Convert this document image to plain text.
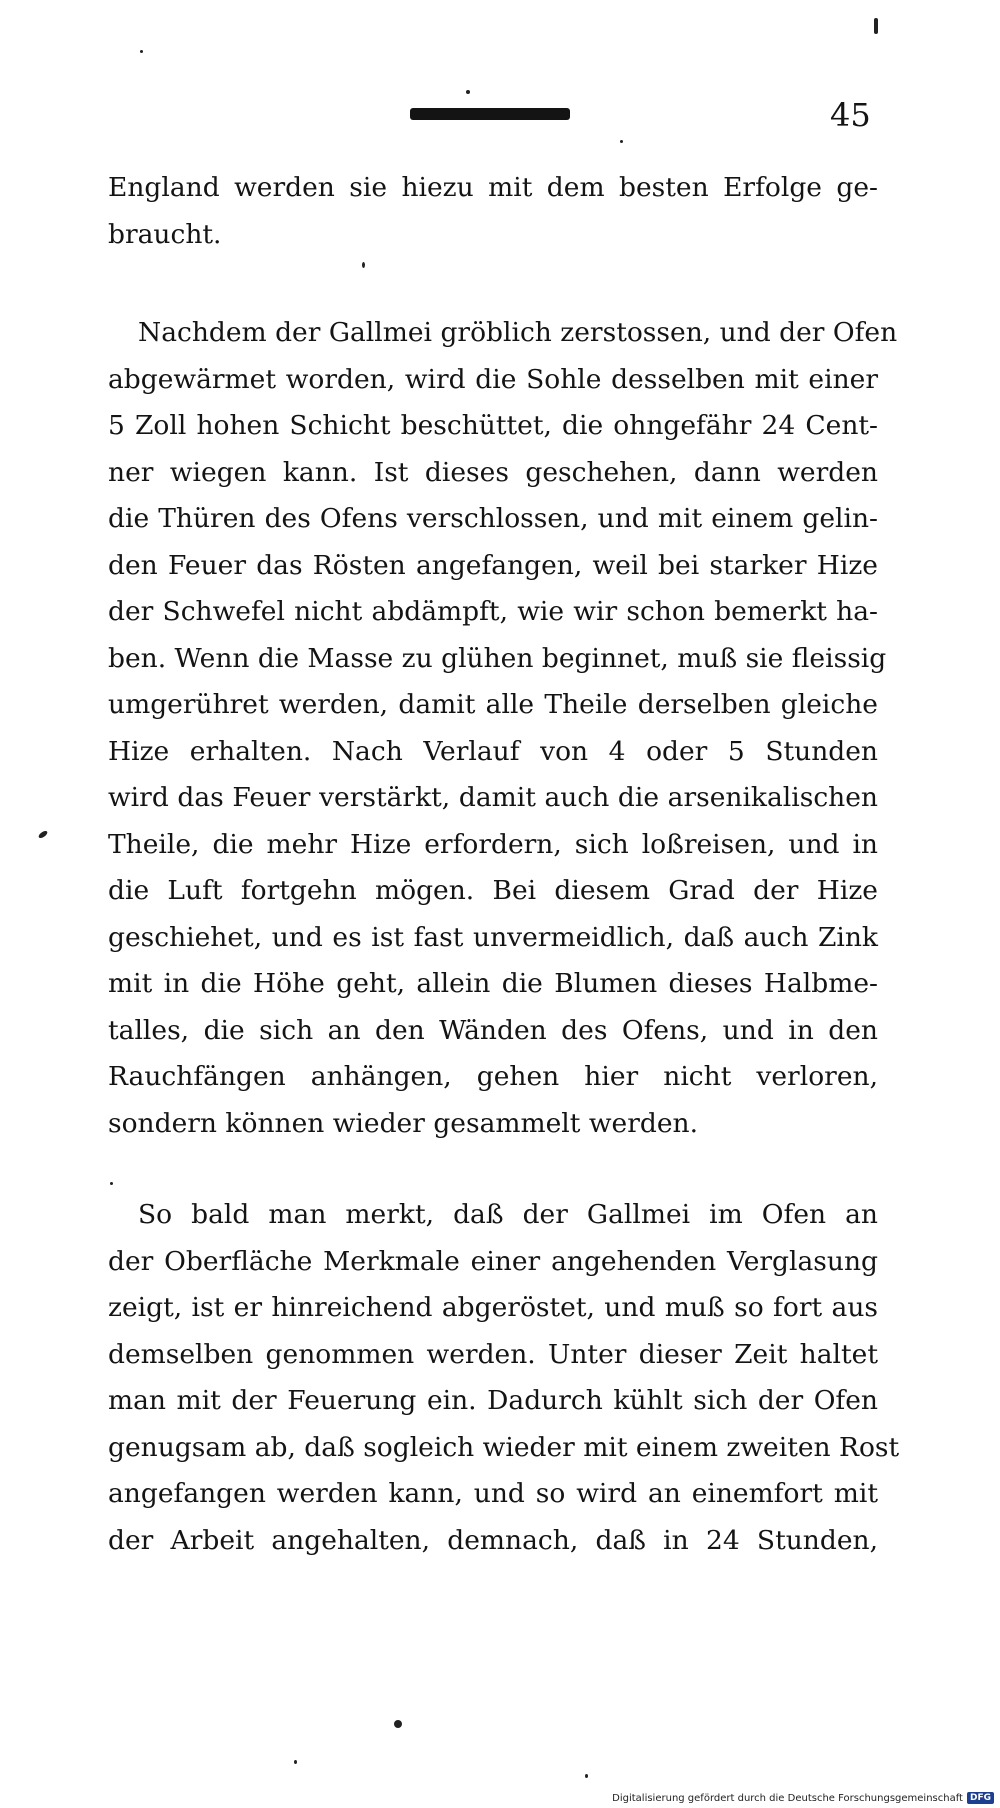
45
England werden sie hiezu mit dem besten Erfolge ge-
braucht.
Nachdem der Gallmei gröblich zerstossen, und der Ofen
abgewärmet worden, wird die Sohle desselben mit einer
5 Zoll hohen Schicht beschüttet, die ohngefähr 24 Cent-
ner wiegen kann. Ist dieses geschehen, dann werden
die Thüren des Ofens verschlossen, und mit einem gelin-
den Feuer das Rösten angefangen, weil bei starker Hize
der Schwefel nicht abdämpft, wie wir schon bemerkt ha-
ben. Wenn die Masse zu glühen beginnet, muß sie fleissig
umgerühret werden, damit alle Theile derselben gleiche
Hize erhalten. Nach Verlauf von 4 oder 5 Stunden
wird das Feuer verstärkt, damit auch die arsenikalischen
Theile, die mehr Hize erfordern, sich loßreisen, und in
die Luft fortgehn mögen. Bei diesem Grad der Hize
geschiehet, und es ist fast unvermeidlich, daß auch Zink
mit in die Höhe geht, allein die Blumen dieses Halbme-
talles, die sich an den Wänden des Ofens, und in den
Rauchfängen anhängen, gehen hier nicht verloren,
sondern können wieder gesammelt werden.
So bald man merkt, daß der Gallmei im Ofen an
der Oberfläche Merkmale einer angehenden Verglasung
zeigt, ist er hinreichend abgeröstet, und muß so fort aus
demselben genommen werden. Unter dieser Zeit haltet
man mit der Feuerung ein. Dadurch kühlt sich der Ofen
genugsam ab, daß sogleich wieder mit einem zweiten Rost
angefangen werden kann, und so wird an einemfort mit
der Arbeit angehalten, demnach, daß in 24 Stunden,
Digitalisierung gefördert durch die Deutsche Forschungsgemeinschaft DFG
